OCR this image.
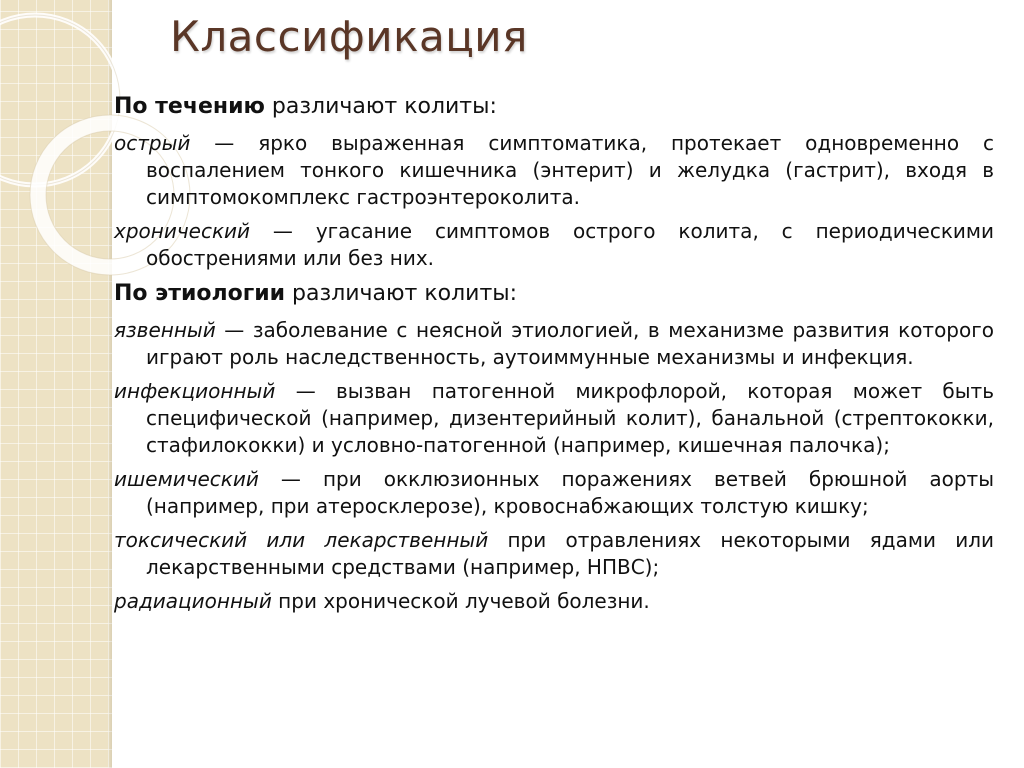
Классификация

По течению различают колиты:

острый — ярко выраженная симптоматика, протекает одновременно с воспалением тонкого кишечника (энтерит) и желудка (гастрит), входя в симптомокомплекс гастроэнтероколита.

хронический — угасание симптомов острого колита, с периодическими обострениями или без них.

По этиологии различают колиты:

язвенный — заболевание с неясной этиологией, в механизме развития которого играют роль наследственность, аутоиммунные механизмы и инфекция.

инфекционный — вызван патогенной микрофлорой, которая может быть специфической (например, дизентерийный колит), банальной (стрептококки, стафилококки) и условно-патогенной (например, кишечная палочка);

ишемический — при окклюзионных поражениях ветвей брюшной аорты (например, при атеросклерозе), кровоснабжающих толстую кишку;

токсический или лекарственный при отравлениях некоторыми ядами или лекарственными средствами (например, НПВС);

радиационный при хронической лучевой болезни.
